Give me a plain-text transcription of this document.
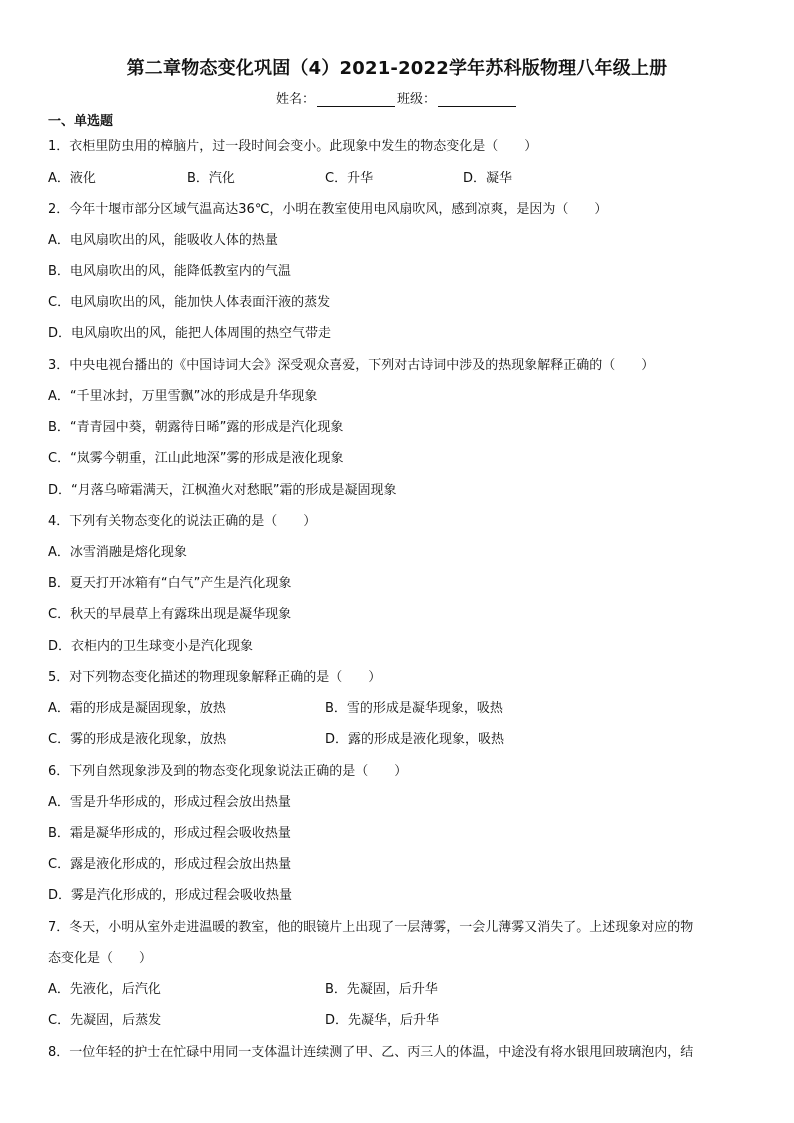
第二章物态变化巩固（4）2021-2022学年苏科版物理八年级上册
姓名：	班级：
一、单选题
1．衣柜里防虫用的樟脑片，过一段时间会变小。此现象中发生的物态变化是（　　）
A．液化	B．汽化	C．升华	D．凝华
2．今年十堰市部分区域气温高达36℃，小明在教室使用电风扇吹风，感到凉爽，是因为（　　）
A．电风扇吹出的风，能吸收人体的热量
B．电风扇吹出的风，能降低教室内的气温
C．电风扇吹出的风，能加快人体表面汗液的蒸发
D．电风扇吹出的风，能把人体周围的热空气带走
3．中央电视台播出的《中国诗词大会》深受观众喜爱，下列对古诗词中涉及的热现象解释正确的（　　）
A．“千里冰封，万里雪飘”冰的形成是升华现象
B．“青青园中葵，朝露待日晞”露的形成是汽化现象
C．“岚雾今朝重，江山此地深”雾的形成是液化现象
D．“月落乌啼霜满天，江枫渔火对愁眠”霜的形成是凝固现象
4．下列有关物态变化的说法正确的是（　　）
A．冰雪消融是熔化现象
B．夏天打开冰箱有“白气”产生是汽化现象
C．秋天的早晨草上有露珠出现是凝华现象
D．衣柜内的卫生球变小是汽化现象
5．对下列物态变化描述的物理现象解释正确的是（　　）
A．霜的形成是凝固现象，放热	B．雪的形成是凝华现象，吸热
C．雾的形成是液化现象，放热	D．露的形成是液化现象，吸热
6．下列自然现象涉及到的物态变化现象说法正确的是（　　）
A．雪是升华形成的，形成过程会放出热量
B．霜是凝华形成的，形成过程会吸收热量
C．露是液化形成的，形成过程会放出热量
D．雾是汽化形成的，形成过程会吸收热量
7．冬天，小明从室外走进温暖的教室，他的眼镜片上出现了一层薄雾，一会儿薄雾又消失了。上述现象对应的物
态变化是（　　）
A．先液化，后汽化	B．先凝固，后升华
C．先凝固，后蒸发	D．先凝华，后升华
8．一位年轻的护士在忙碌中用同一支体温计连续测了甲、乙、丙三人的体温，中途没有将水银甩回玻璃泡内，结
